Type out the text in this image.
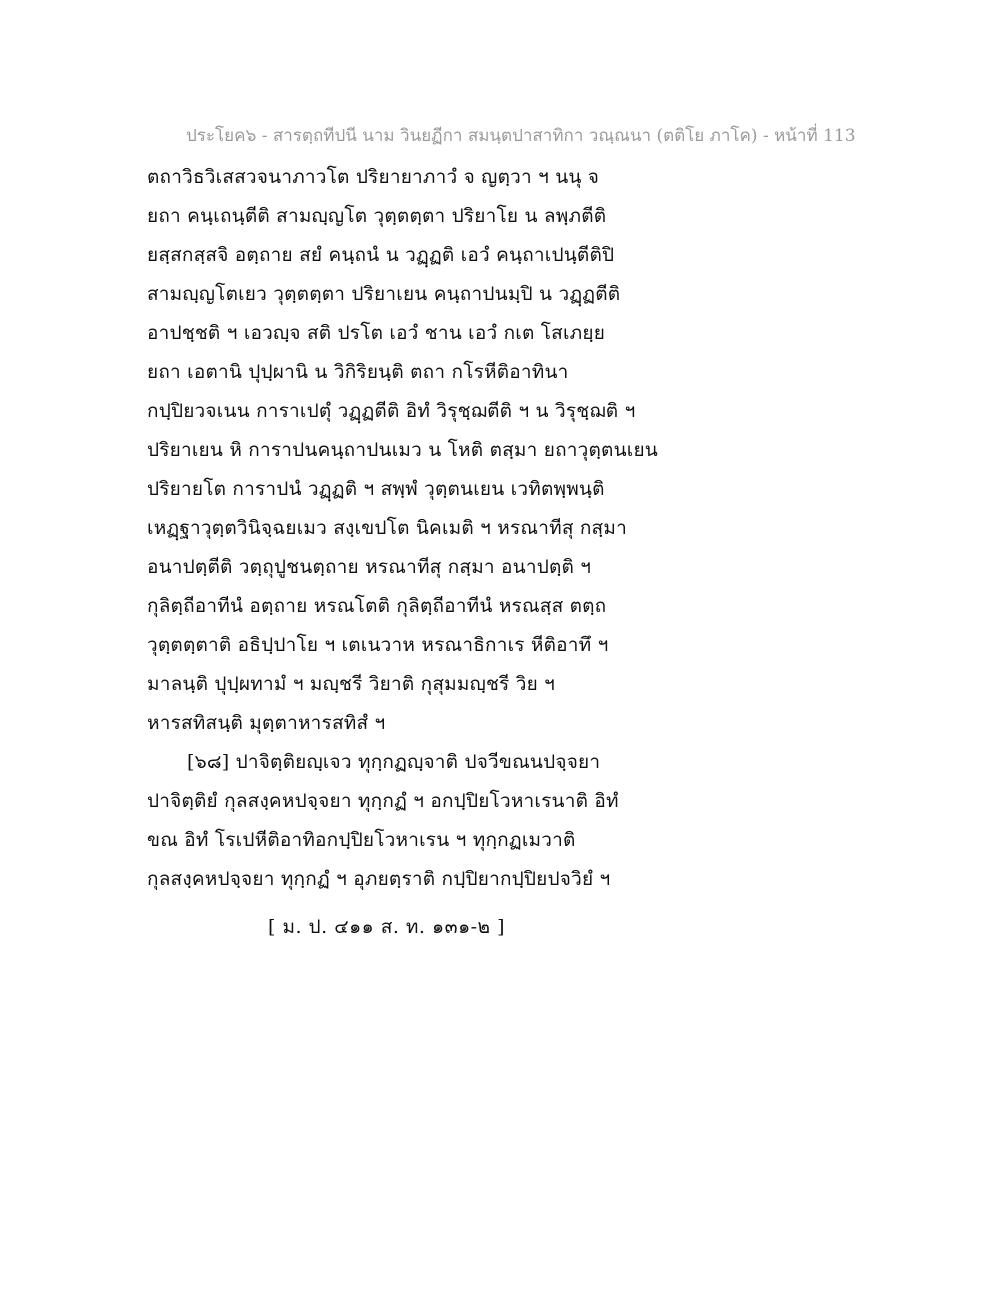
ประโยค๖ - สารตฺถทีปนี นาม วินยฏีกา สมนฺตปาสาทิกา วณฺณนา (ตติโย ภาโค) - หน้าที่ 113
ตถาวิธวิเสสวจนาภาวโต ปริยายาภาวํ จ ญตฺวา ฯ นนุ จ
ยถา คนฺเถนฺตีติ สามญฺญโต วุตฺตตฺตา ปริยาโย น ลพฺภตีติ
ยสฺสกสฺสจิ อตฺถาย สยํ คนฺถนํ น วฏฺฏติ เอวํ คนฺถาเปนฺตีติปิ
สามญฺญโตเยว วุตฺตตฺตา ปริยาเยน คนฺถาปนมฺปิ น วฏฺฏตีติ
อาปชฺชติ ฯ เอวญฺจ สติ ปรโต เอวํ ชาน เอวํ กเต โสเภยฺย
ยถา เอตานิ ปุปฺผานิ น วิกิริยนฺติ ตถา กโรหีติอาทินา
กปฺปิยวจเนน การาเปตุํ วฏฺฏตีติ อิทํ วิรุชฺฌตีติ ฯ น วิรุชฺฌติ ฯ
ปริยาเยน หิ การาปนคนฺถาปนเมว น โหติ ตสฺมา ยถาวุตฺตนเยน
ปริยายโต การาปนํ วฏฺฏติ ฯ สพฺพํ วุตฺตนเยน เวทิตพฺพนฺติ
เหฏฺฐาวุตฺตวินิจฺฉยเมว สงฺเขปโต นิคเมติ ฯ หรณาทีสุ กสฺมา
อนาปตฺตีติ วตฺถุปูชนตฺถาย หรณาทีสุ กสฺมา อนาปตฺติ ฯ
กุลิตฺถีอาทีนํ อตฺถาย หรณโตติ กุลิตฺถีอาทีนํ หรณสฺส ตตฺถ
วุตฺตตฺตาติ อธิปฺปาโย ฯ เตเนวาห หรณาธิกาเร หีติอาทึ ฯ
มาลนฺติ ปุปฺผทามํ ฯ มญฺชรี วิยาติ กุสุมมญฺชรี วิย ฯ
หารสทิสนฺติ มุตฺตาหารสทิสํ ฯ
[๖๘] ปาจิตฺติยญฺเจว ทุกฺกฏญฺจาติ ปจวีขณนปจฺจยา
ปาจิตฺติยํ กุลสงฺคหปจฺจยา ทุกฺกฏํ ฯ อกปฺปิยโวหาเรนาติ อิทํ
ขณ อิทํ โรเปหีติอาทิอกปฺปิยโวหาเรน ฯ ทุกฺกฏเมวาติ
กุลสงฺคหปจฺจยา ทุกฺกฏํ ฯ อุภยตฺราติ กปฺปิยากปฺปิยปจวิยํ ฯ
[ ม. ป. ๔๑๑ ส. ท. ๑๓๑-๒ ]
